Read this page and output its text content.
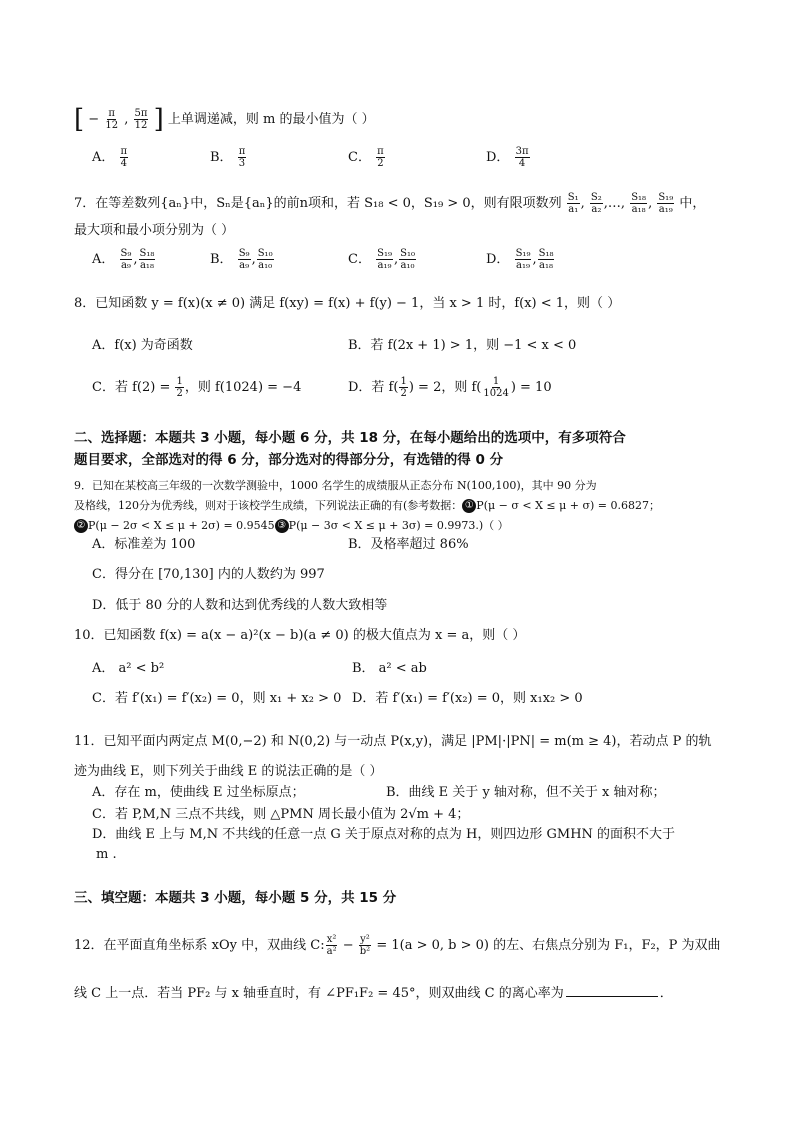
[ − $\frac{\pi}{12}$ , $\frac{5\pi}{12}$ ] 上单调递减，则 m 的最小值为（ ）
A． $\frac{\pi}{4}$	B． $\frac{\pi}{3}$	C． $\frac{\pi}{2}$	D． $\frac{3\pi}{4}$
7．在等差数列{aₙ}中，Sₙ是{aₙ}的前n项和，若 S₁₈ < 0，S₁₉ > 0，则有限项数列 $\frac{\text{S₁}}{\text{a₁}}$ , $\frac{\text{S₂}}{\text{a₂}}$ ,…, $\frac{\text{S₁₈}}{\text{a₁₈}}$ , $\frac{\text{S₁₉}}{\text{a₁₉}}$ 中，
最大项和最小项分别为（ ）
A． $\frac{\text{S₉}}{\text{a₉}}$ , $\frac{\text{S₁₈}}{\text{a₁₈}}$	B． $\frac{\text{S₉}}{\text{a₉}}$ , $\frac{\text{S₁₀}}{\text{a₁₀}}$	C． $\frac{\text{S₁₉}}{\text{a₁₉}}$ , $\frac{\text{S₁₀}}{\text{a₁₀}}$	D． $\frac{\text{S₁₉}}{\text{a₁₉}}$ , $\frac{\text{S₁₈}}{\text{a₁₈}}$
8．已知函数 y = f(x)(x ≠ 0) 满足 f(xy) = f(x) + f(y) − 1，当 x > 1 时，f(x) < 1，则（ ）
A．f(x) 为奇函数	B．若 f(2x + 1) > 1，则 −1 < x < 0
C．若 $f(2) = \frac{1}{2}$ ，则 f(1024) = −4	D．若 $f( \frac{1}{2}$ ) = 2，则 $f( \frac{1}{1024}$ ) = 10
二、选择题：本题共 3 小题，每小题 6 分，共 18 分，在每小题给出的选项中，有多项符合
题目要求，全部选对的得 6 分，部分选对的得部分分，有选错的得 0 分
9．已知在某校高三年级的一次数学测验中，1000 名学生的成绩服从正态分布 N(100,100)，其中 90 分为
及格线，120分为优秀线，则对于该校学生成绩，下列说法正确的有(参考数据： ① P(μ − σ < X ≤ μ + σ) = 0.6827；
② P(μ − 2σ < X ≤ μ + 2σ) = 0.9545 ③ P(μ − 3σ < X ≤ μ + 3σ) = 0.9973.)（ ）
A．标准差为 100	B．及格率超过 86%
C．得分在 [70,130] 内的人数约为 997
D．低于 80 分的人数和达到优秀线的人数大致相等
10．已知函数 f(x) = a(x − a)²(x − b)(a ≠ 0) 的极大值点为 x = a，则（ ）
A． a² < b²	B． a² < ab
C．若 f′(x₁) = f′(x₂) = 0，则 x₁ + x₂ > 0 D．若 f′(x₁) = f′(x₂) = 0，则 x₁x₂ > 0
11．已知平面内两定点 M(0,−2) 和 N(0,2) 与一动点 P(x,y)，满足 |PM|·|PN| = m(m ≥ 4)，若动点 P 的轨
迹为曲线 E，则下列关于曲线 E 的说法正确的是（ ）
A．存在 m，使曲线 E 过坐标原点；	B．曲线 E 关于 y 轴对称，但不关于 x 轴对称；
C．若 P,M,N 三点不共线，则 △PMN 周长最小值为 2√m + 4；
D．曲线 E 上与 M,N 不共线的任意一点 G 关于原点对称的点为 H，则四边形 GMHN 的面积不大于
m .
三、填空题：本题共 3 小题，每小题 5 分，共 15 分
12．在平面直角坐标系 xOy 中，双曲线 C: $\frac{\text{x²}}{\text{a²}} - \frac{\text{y²}}{\text{b²}} = 1(a > 0$, b > 0) 的左、右焦点分别为 F₁，F₂，P 为双曲
线 C 上一点．若当 PF₂ 与 x 轴垂直时，有 ∠PF₁F₂ = 45°，则双曲线 C 的离心率为	．
